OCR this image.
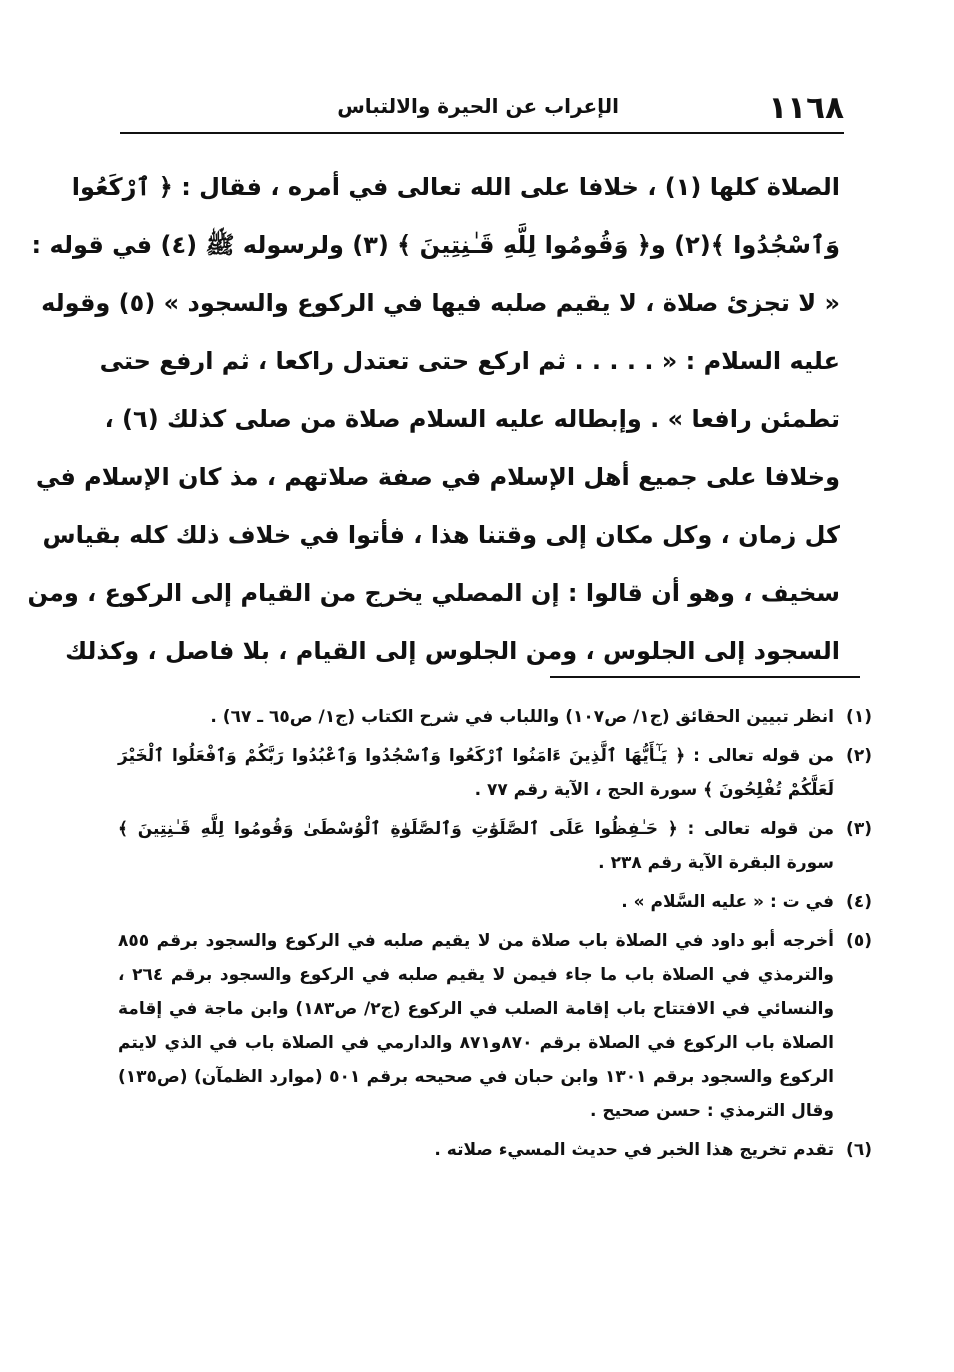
١١٦٨
الإعراب عن الحيرة والالتباس
الصلاة كلها (١) ، خلافا على الله تعالى في أمره ، فقال : ﴿ ٱرْكَعُوا
وَٱسْجُدُوا ﴾(٢) و﴿ وَقُومُوا لِلَّهِ قَـٰنِتِينَ ﴾ (٣) ولرسوله ﷺ (٤) في قوله :
« لا تجزئ صلاة ، لا يقيم صلبه فيها في الركوع والسجود » (٥) وقوله
عليه السلام : « . . . . . ثم اركع حتى تعتدل راكعا ، ثم ارفع حتى
تطمئن رافعا » . وإبطاله عليه السلام صلاة من صلى كذلك (٦) ،
وخلافا على جميع أهل الإسلام في صفة صلاتهم ، مذ كان الإسلام في
كل زمان ، وكل مكان إلى وقتنا هذا ، فأتوا في خلاف ذلك كله بقياس
سخيف ، وهو أن قالوا : إن المصلي يخرج من القيام إلى الركوع ، ومن
السجود إلى الجلوس ، ومن الجلوس إلى القيام ، بلا فاصل ، وكذلك
(١)
انظر تبيين الحقائق (ج١/ ص١٠٧) واللباب في شرح الكتاب (ج١/ ص٦٥ ـ ٦٧) .
(٢)
من قوله تعالى : ﴿ يَـٰٓأَيُّهَا ٱلَّذِينَ ءَامَنُوا ٱرْكَعُوا وَٱسْجُدُوا وَٱعْبُدُوا رَبَّكُمْ وَٱفْعَلُوا ٱلْخَيْرَ لَعَلَّكُمْ تُفْلِحُونَ ﴾ سورة الحج ، الآية رقم ٧٧ .
(٣)
من قوله تعالى : ﴿ حَـٰفِظُوا عَلَى ٱلصَّلَوَٰتِ وَٱلصَّلَوٰةِ ٱلْوُسْطَىٰ وَقُومُوا لِلَّهِ قَـٰنِتِينَ ﴾ سورة البقرة الآية رقم ٢٣٨ .
(٤)
في ت : « عليه السَّلام » .
(٥)
أخرجه أبو داود في الصلاة باب صلاة من لا يقيم صلبه في الركوع والسجود برقم ٨٥٥ والترمذي في الصلاة باب ما جاء فيمن لا يقيم صلبه في الركوع والسجود برقم ٢٦٤ ، والنسائي في الافتتاح باب إقامة الصلب في الركوع (ج٢/ ص١٨٣) وابن ماجة في إقامة الصلاة باب الركوع في الصلاة برقم ٨٧٠و٨٧١ والدارمي في الصلاة باب في الذي لايتم الركوع والسجود برقم ١٣٠١ وابن حبان في صحيحه برقم ٥٠١ (موارد الظمآن) (ص١٣٥) وقال الترمذي : حسن صحيح .
(٦)
تقدم تخريج هذا الخبر في حديث المسيء صلاته .
